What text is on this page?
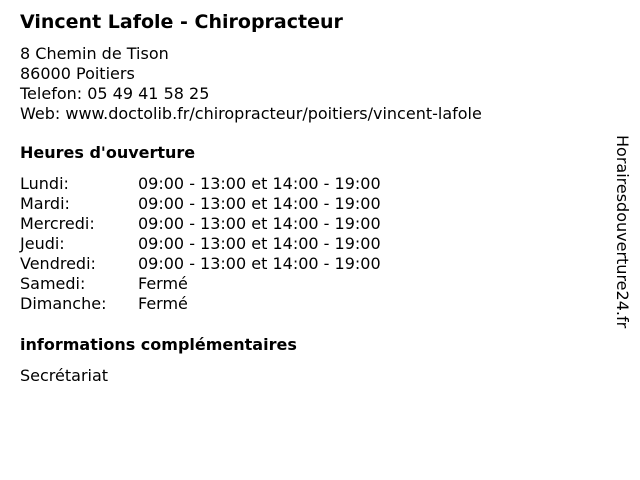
Vincent Lafole - Chiropracteur
8 Chemin de Tison
86000 Poitiers
Telefon: 05 49 41 58 25
Web: www.doctolib.fr/chiropracteur/poitiers/vincent-lafole
Heures d'ouverture
Lundi:	09:00 - 13:00 et 14:00 - 19:00
Mardi:	09:00 - 13:00 et 14:00 - 19:00
Mercredi:	09:00 - 13:00 et 14:00 - 19:00
Jeudi:	09:00 - 13:00 et 14:00 - 19:00
Vendredi:	09:00 - 13:00 et 14:00 - 19:00
Samedi:	Fermé
Dimanche:	Fermé
informations complémentaires
Secrétariat
Horairesdouverture24.fr
